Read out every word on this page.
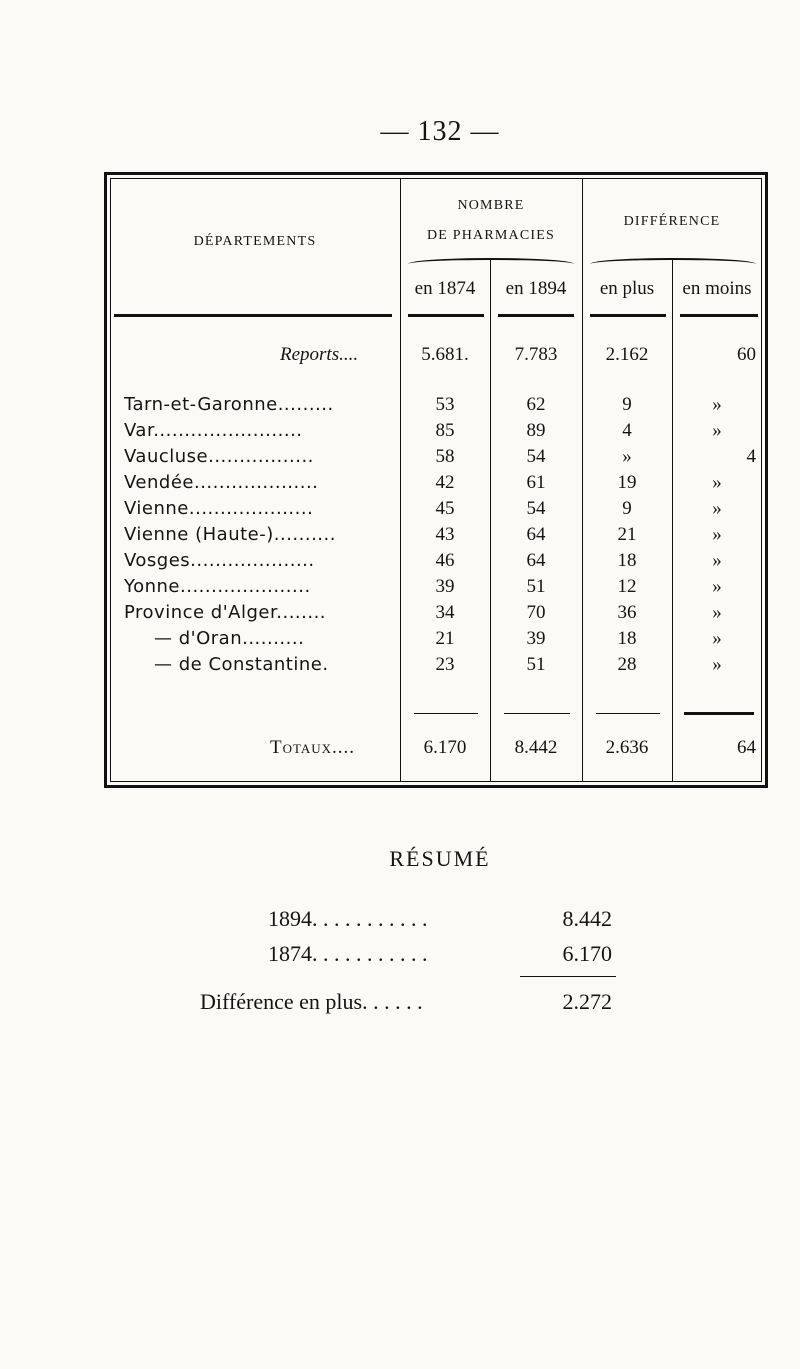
— 132 —
DÉPARTEMENTS
NOMBRE
DE PHARMACIES
DIFFÉRENCE
en 1874	en 1894	en plus	en moins
Reports....	5.681.	7.783	2.162	60
Tarn-et-Garonne.........	53	62	9	»
Var........................	85	89	4	»
Vaucluse.................	58	54	»	4
Vendée....................	42	61	19	»
Vienne....................	45	54	9	»
Vienne (Haute-)..........	43	64	21	»
Vosges....................	46	64	18	»
Yonne.....................	39	51	12	»
Province d'Alger........	34	70	36	»
— d'Oran..........	21	39	18	»
— de Constantine.	23	51	28	»
Totaux....	6.170	8.442	2.636	64
RÉSUMÉ
1894. . . . . . . . . . .	8.442
1874. . . . . . . . . . .	6.170
Différence en plus. . . . . .	2.272
